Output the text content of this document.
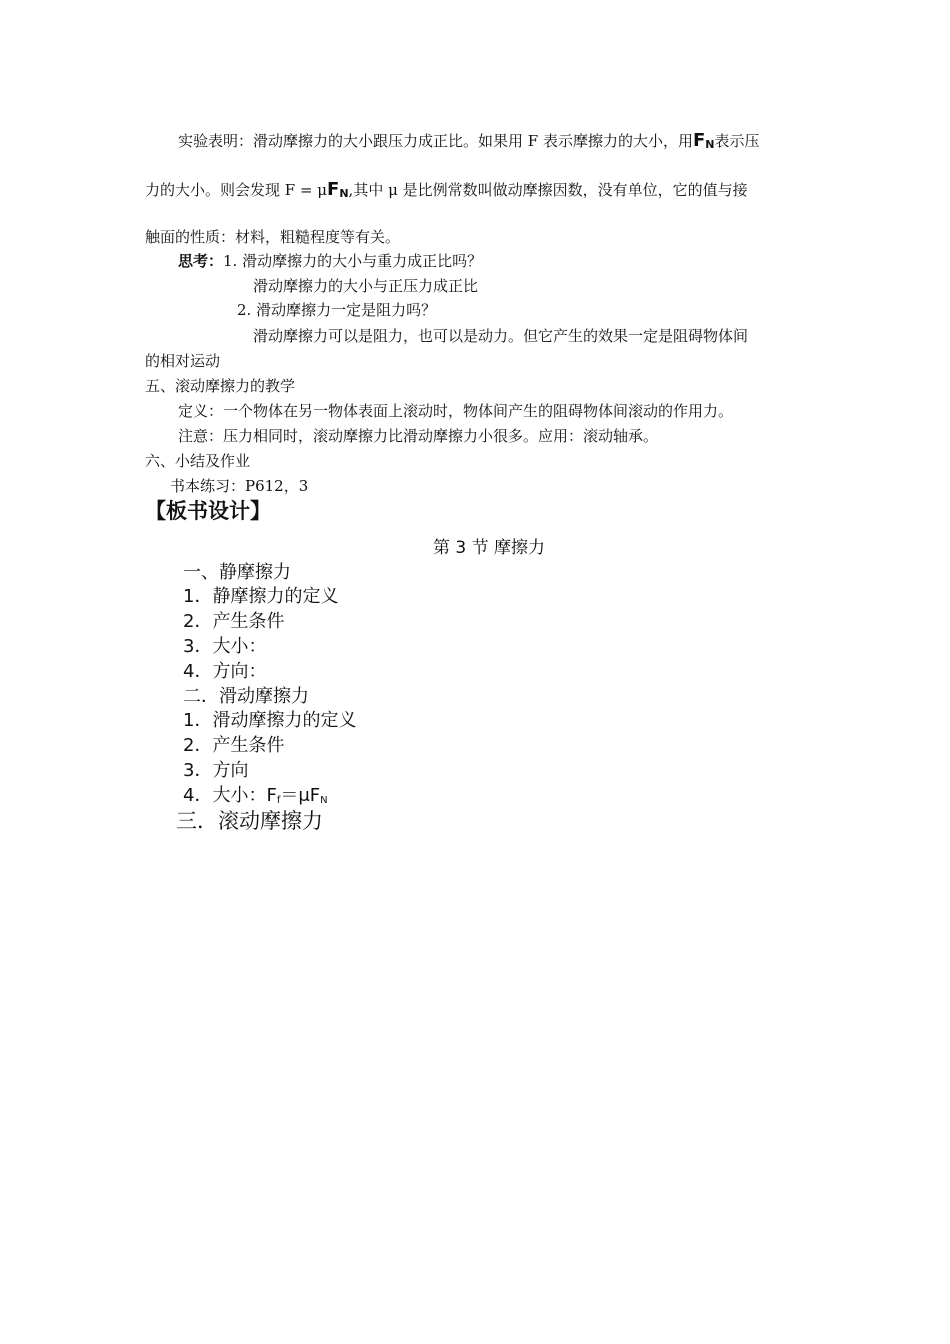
实验表明：滑动摩擦力的大小跟压力成正比。如果用 F 表示摩擦力的大小，用$F_N$表示压
力的大小。则会发现 $F = \mu F_N$,其中 μ 是比例常数叫做动摩擦因数，没有单位，它的值与接
触面的性质：材料，粗糙程度等有关。
思考：1. 滑动摩擦力的大小与重力成正比吗？
滑动摩擦力的大小与正压力成正比
2. 滑动摩擦力一定是阻力吗？
滑动摩擦力可以是阻力，也可以是动力。但它产生的效果一定是阻碍物体间
的相对运动
五、滚动摩擦力的教学
定义：一个物体在另一物体表面上滚动时，物体间产生的阻碍物体间滚动的作用力。
注意：压力相同时，滚动摩擦力比滑动摩擦力小很多。应用：滚动轴承。
六、小结及作业
书本练习：P612，3
【板书设计】
第 3 节 摩擦力
一、静摩擦力
1．静摩擦力的定义
2．产生条件
3．大小：
4．方向：
二．滑动摩擦力
1．滑动摩擦力的定义
2．产生条件
3．方向
4．大小：$F_f=\mu F_N$
三．滚动摩擦力
